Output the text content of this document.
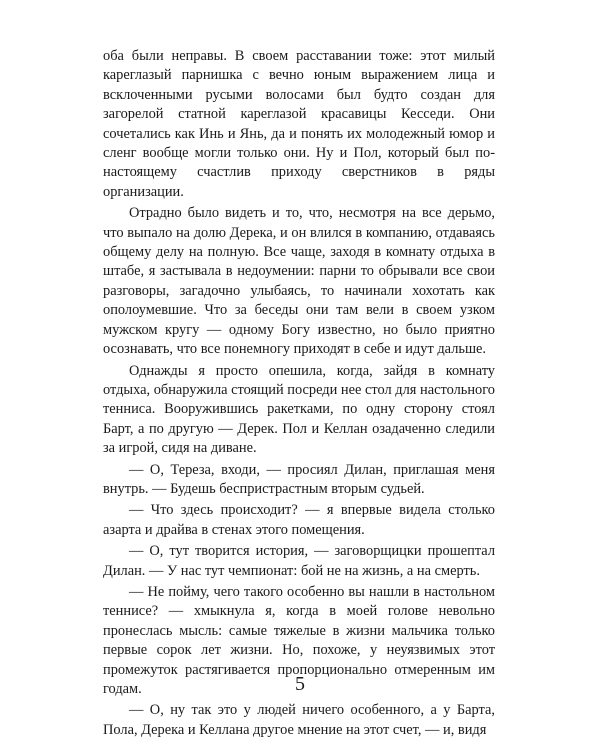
оба были неправы. В своем расставании тоже: этот милый кареглазый парнишка с вечно юным выражением лица и всклоченными русыми волосами был будто создан для загорелой статной кареглазой красавицы Кесседи. Они сочетались как Инь и Янь, да и понять их молодежный юмор и сленг вообще могли только они. Ну и Пол, который был по-настоящему счастлив приходу сверстников в ряды организации.

Отрадно было видеть и то, что, несмотря на все дерьмо, что выпало на долю Дерека, и он влился в компанию, отдаваясь общему делу на полную. Все чаще, заходя в комнату отдыха в штабе, я застывала в недоумении: парни то обрывали все свои разговоры, загадочно улыбаясь, то начинали хохотать как ополоумевшие. Что за беседы они там вели в своем узком мужском кругу — одному Богу известно, но было приятно осознавать, что все понемногу приходят в себе и идут дальше.

Однажды я просто опешила, когда, зайдя в комнату отдыха, обнаружила стоящий посреди нее стол для настольного тенниса. Вооружившись ракетками, по одну сторону стоял Барт, а по другую — Дерек. Пол и Келлан озадаченно следили за игрой, сидя на диване.

— О, Тереза, входи, — просиял Дилан, приглашая меня внутрь. — Будешь беспристрастным вторым судьей.

— Что здесь происходит? — я впервые видела столько азарта и драйва в стенах этого помещения.

— О, тут творится история, — заговорщицки прошептал Дилан. — У нас тут чемпионат: бой не на жизнь, а на смерть.

— Не пойму, чего такого особенно вы нашли в настольном теннисе? — хмыкнула я, когда в моей голове невольно пронеслась мысль: самые тяжелые в жизни мальчика только первые сорок лет жизни. Но, похоже, у неуязвимых этот промежуток растягивается пропорционально отмеренным им годам.

— О, ну так это у людей ничего особенного, а у Барта, Пола, Дерека и Келлана другое мнение на этот счет, — и, видя

5
